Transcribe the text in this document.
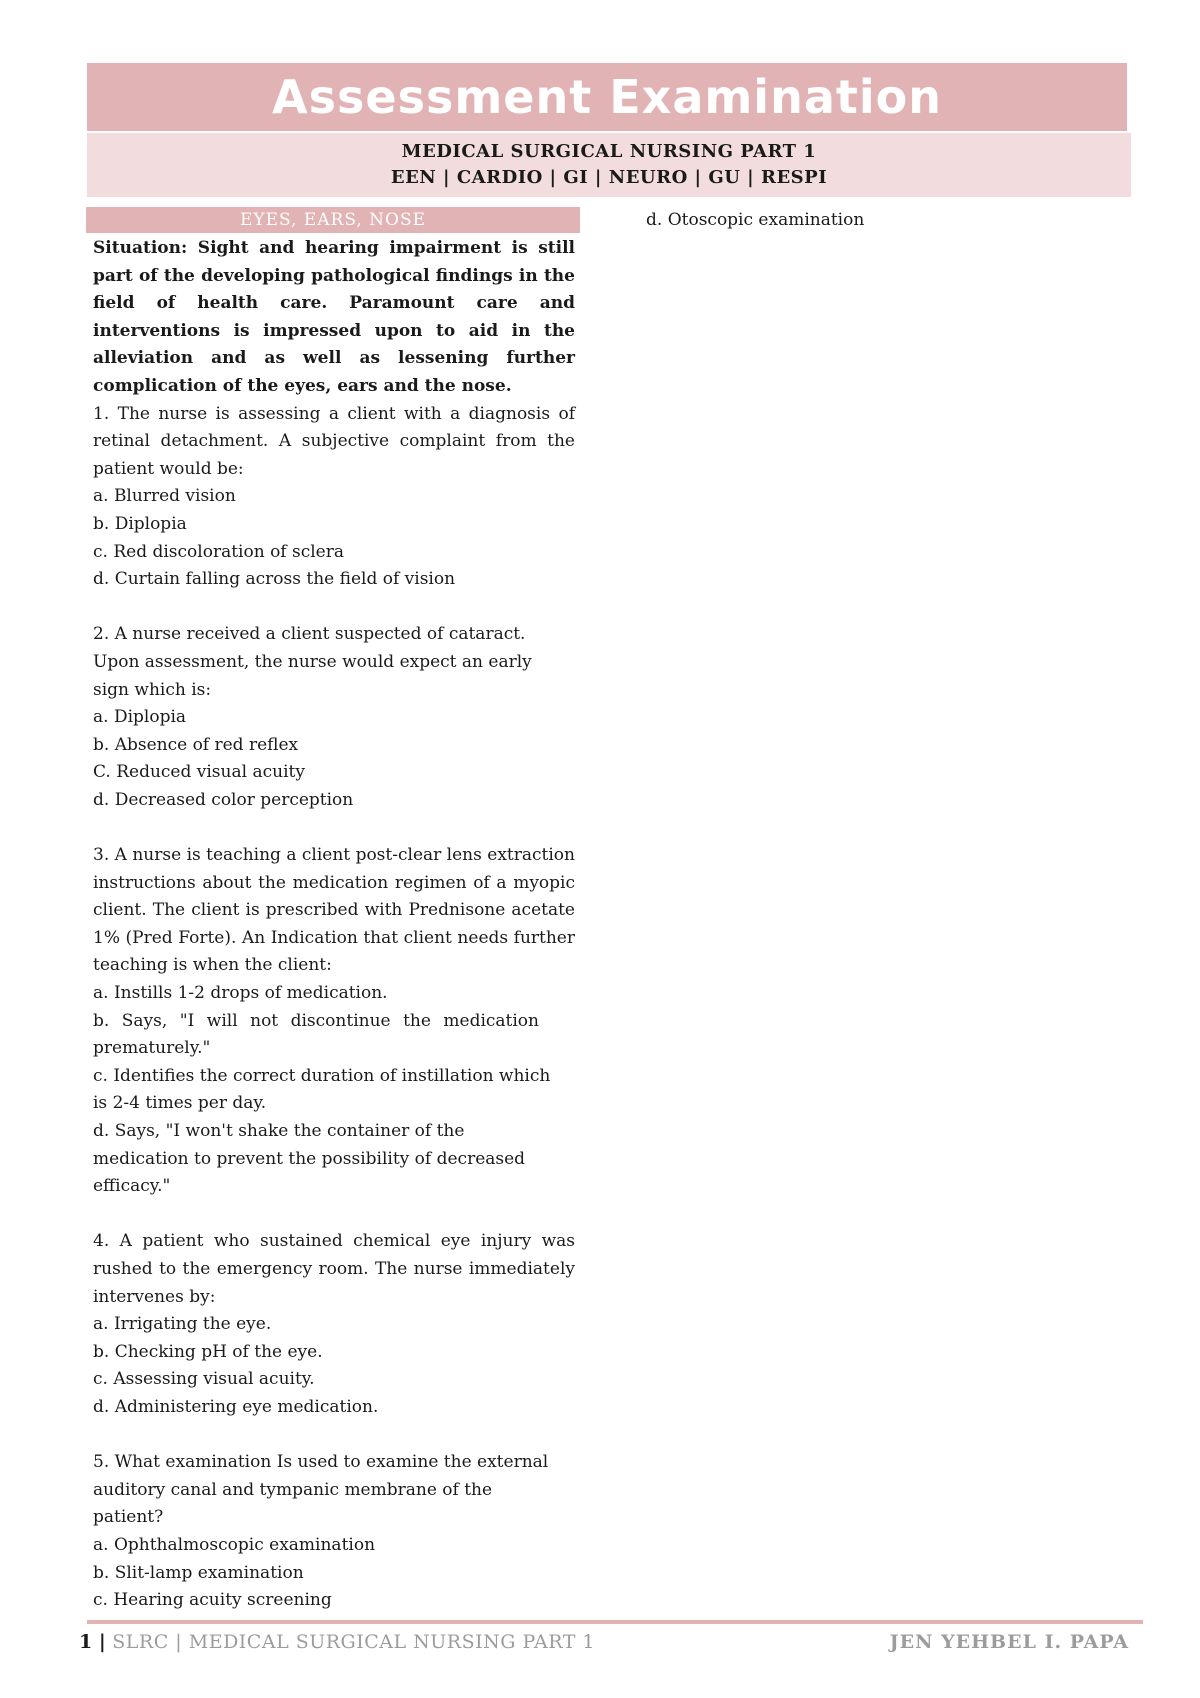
Assessment Examination
MEDICAL SURGICAL NURSING PART 1
EEN | CARDIO | GI | NEURO | GU | RESPI
EYES, EARS, NOSE
Situation: Sight and hearing impairment is still part of the developing pathological findings in the field of health care. Paramount care and interventions is impressed upon to aid in the alleviation and as well as lessening further complication of the eyes, ears and the nose.
1. The nurse is assessing a client with a diagnosis of retinal detachment. A subjective complaint from the patient would be:
a. Blurred vision
b. Diplopia
c. Red discoloration of sclera
d. Curtain falling across the field of vision
2. A nurse received a client suspected of cataract.
Upon assessment, the nurse would expect an early
sign which is:
a. Diplopia
b. Absence of red reflex
C. Reduced visual acuity
d. Decreased color perception
3. A nurse is teaching a client post-clear lens extraction instructions about the medication regimen of a myopic client. The client is prescribed with Prednisone acetate 1% (Pred Forte). An Indication that client needs further teaching is when the client:
a. Instills 1-2 drops of medication.
b. Says, "I will not discontinue the medication prematurely."
c. Identifies the correct duration of instillation which is 2-4 times per day.
d. Says, "I won't shake the container of the medication to prevent the possibility of decreased efficacy."
4. A patient who sustained chemical eye injury was rushed to the emergency room. The nurse immediately intervenes by:
a. Irrigating the eye.
b. Checking pH of the eye.
c. Assessing visual acuity.
d. Administering eye medication.
5. What examination Is used to examine the external
auditory canal and tympanic membrane of the
patient?
a. Ophthalmoscopic examination
b. Slit-lamp examination
c. Hearing acuity screening
d. Otoscopic examination
1 | SLRC | MEDICAL SURGICAL NURSING PART 1	JEN YEHBEL I. PAPA
